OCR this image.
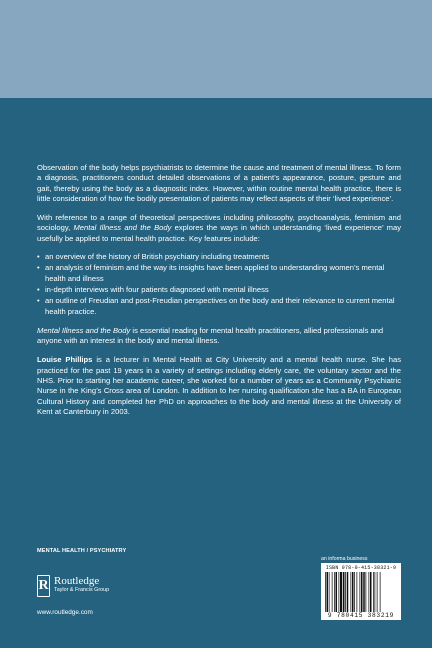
Observation of the body helps psychiatrists to determine the cause and treatment of mental illness. To form a diagnosis, practitioners conduct detailed observations of a patient’s appearance, posture, gesture and gait, thereby using the body as a diagnostic index. However, within routine mental health practice, there is little consideration of how the bodily presentation of patients may reflect aspects of their ‘lived experience’.

With reference to a range of theoretical perspectives including philosophy, psychoanalysis, feminism and sociology, Mental Illness and the Body explores the ways in which understanding ‘lived experience’ may usefully be applied to mental health practice. Key features include:

• an overview of the history of British psychiatry including treatments
• an analysis of feminism and the way its insights have been applied to understanding women’s mental health and illness
• in-depth interviews with four patients diagnosed with mental illness
• an outline of Freudian and post-Freudian perspectives on the body and their relevance to current mental health practice.

Mental Illness and the Body is essential reading for mental health practitioners, allied professionals and anyone with an interest in the body and mental illness.

Louise Phillips is a lecturer in Mental Health at City University and a mental health nurse. She has practiced for the past 19 years in a variety of settings including elderly care, the voluntary sector and the NHS. Prior to starting her academic career, she worked for a number of years as a Community Psychiatric Nurse in the King’s Cross area of London. In addition to her nursing qualification she has a BA in European Cultural History and completed her PhD on approaches to the body and mental illness at the University of Kent at Canterbury in 2003.

MENTAL HEALTH / PSYCHIATRY
an informa business
R Routledge
Taylor & Francis Group
www.routledge.com
ISBN 978-0-415-38321-9
9 780415 383219
